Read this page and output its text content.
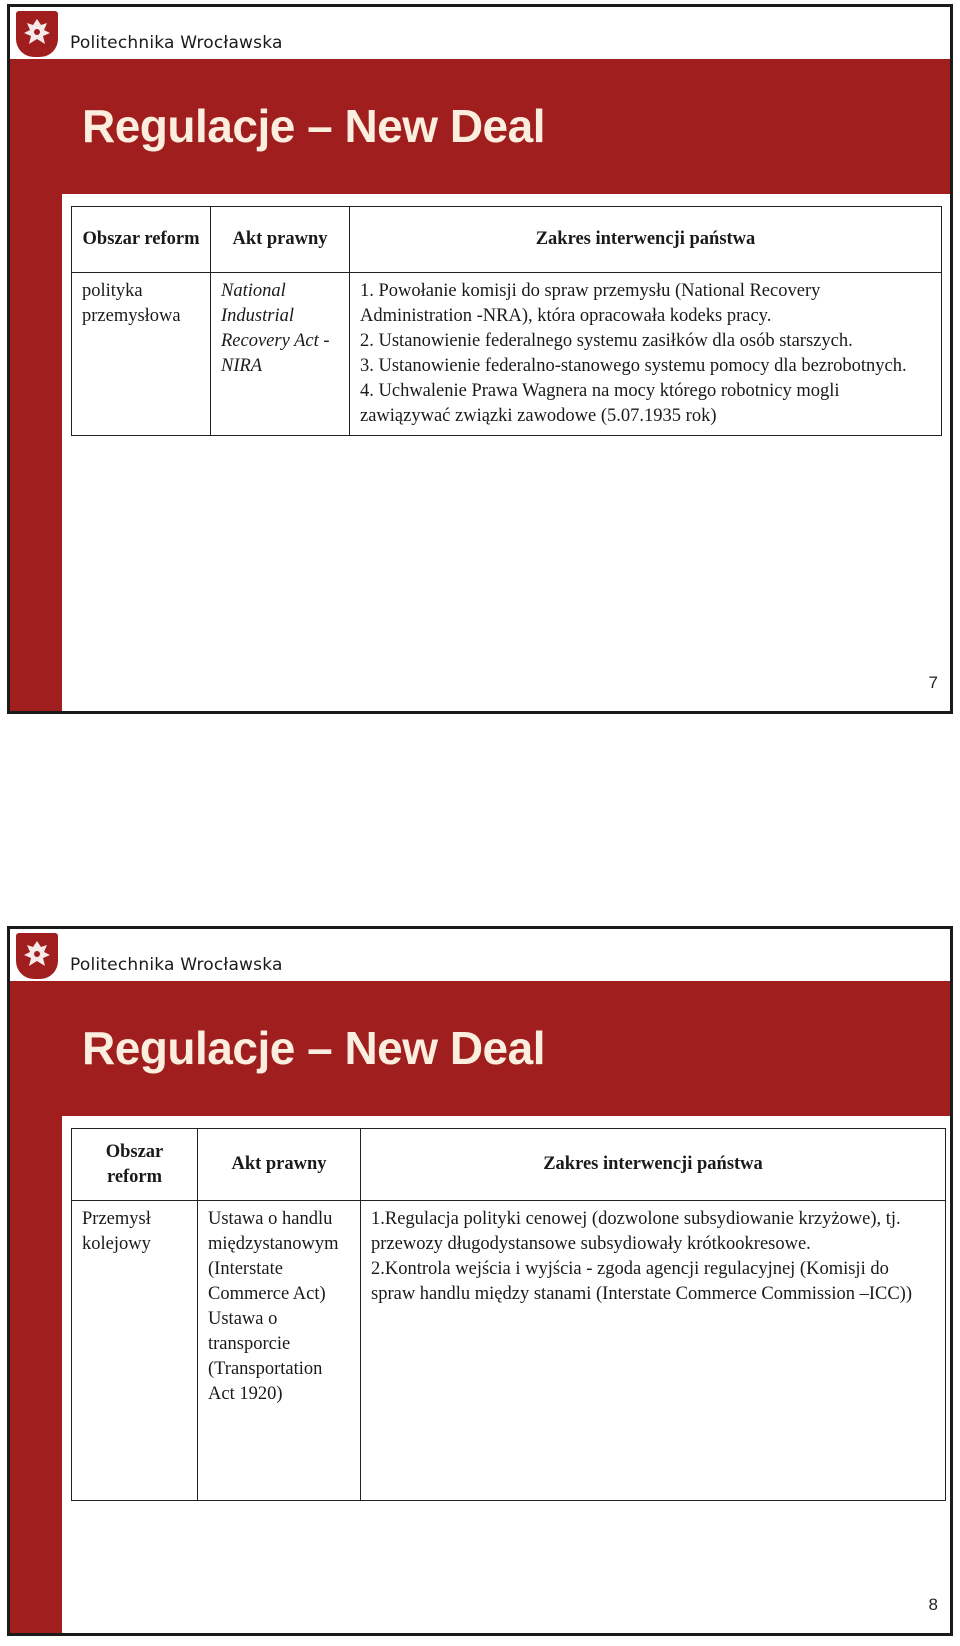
Politechnika Wrocławska
Regulacje – New Deal
Obszar reform	Akt prawny	Zakres interwencji państwa
polityka przemysłowa	National Industrial Recovery Act - NIRA	1. Powołanie komisji do spraw przemysłu (National Recovery Administration -NRA), która opracowała kodeks pracy.

2. Ustanowienie federalnego systemu zasiłków dla osób starszych.

3. Ustanowienie federalno-stanowego systemu pomocy dla bezrobotnych.

4. Uchwalenie Prawa Wagnera na mocy którego robotnicy mogli zawiązywać związki zawodowe (5.07.1935 rok)

7
Politechnika Wrocławska
Regulacje – New Deal
Obszar reform	Akt prawny	Zakres interwencji państwa
Przemysł kolejowy	Ustawa o handlu międzystanowym (Interstate Commerce Act) Ustawa o transporcie (Transportation Act 1920)	1.Regulacja polityki cenowej (dozwolone subsydiowanie krzyżowe), tj. przewozy długodystansowe subsydiowały krótkookresowe.

2.Kontrola wejścia i wyjścia - zgoda agencji regulacyjnej (Komisji do spraw handlu między stanami (Interstate Commerce Commission –ICC))

8
